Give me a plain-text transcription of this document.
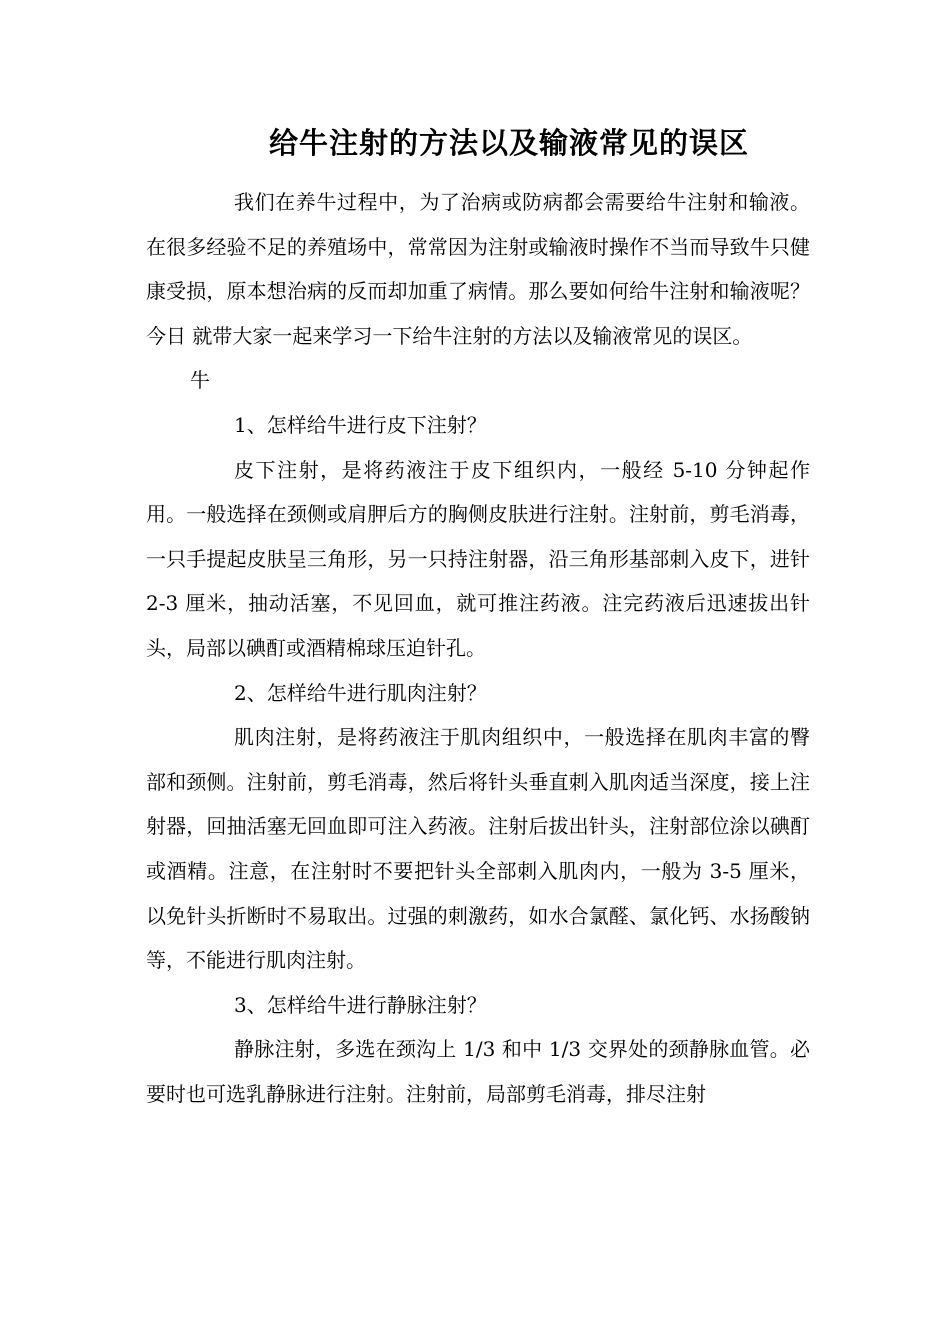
给牛注射的方法以及输液常见的误区

我们在养牛过程中，为了治病或防病都会需要给牛注射和输液。在很多经验不足的养殖场中，常常因为注射或输液时操作不当而导致牛只健康受损，原本想治病的反而却加重了病情。那么要如何给牛注射和输液呢？今日 就带大家一起来学习一下给牛注射的方法以及输液常见的误区。

牛

1、怎样给牛进行皮下注射？

皮下注射，是将药液注于皮下组织内，一般经 5-10 分钟起作用。一般选择在颈侧或肩胛后方的胸侧皮肤进行注射。注射前，剪毛消毒，一只手提起皮肤呈三角形，另一只持注射器，沿三角形基部刺入皮下，进针 2-3 厘米，抽动活塞，不见回血，就可推注药液。注完药液后迅速拔出针头，局部以碘酊或酒精棉球压迫针孔。

2、怎样给牛进行肌肉注射？

肌肉注射，是将药液注于肌肉组织中，一般选择在肌肉丰富的臀部和颈侧。注射前，剪毛消毒，然后将针头垂直刺入肌肉适当深度，接上注射器，回抽活塞无回血即可注入药液。注射后拔出针头，注射部位涂以碘酊或酒精。注意，在注射时不要把针头全部刺入肌肉内，一般为 3-5 厘米，以免针头折断时不易取出。过强的刺激药，如水合氯醛、氯化钙、水扬酸钠等，不能进行肌肉注射。

3、怎样给牛进行静脉注射？

静脉注射，多选在颈沟上 1/3 和中 1/3 交界处的颈静脉血管。必要时也可选乳静脉进行注射。注射前，局部剪毛消毒，排尽注射
